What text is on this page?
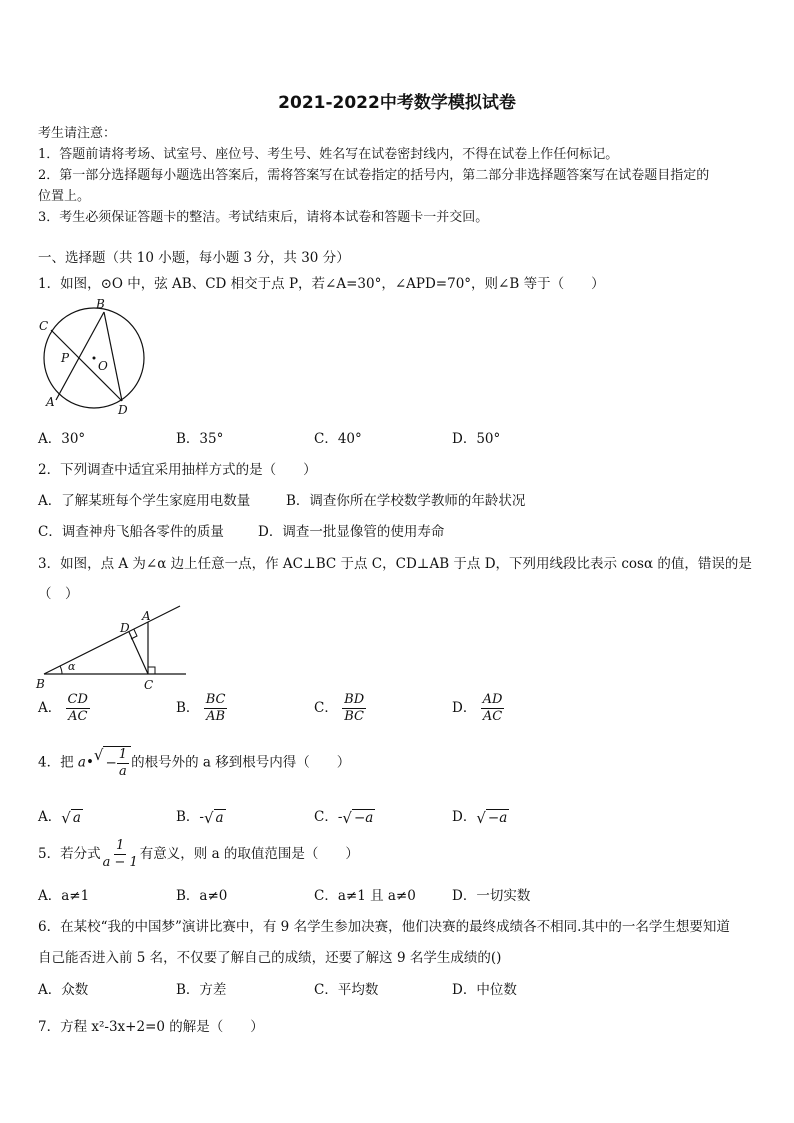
2021-2022中考数学模拟试卷
考生请注意：
1．答题前请将考场、试室号、座位号、考生号、姓名写在试卷密封线内，不得在试卷上作任何标记。
2．第一部分选择题每小题选出答案后，需将答案写在试卷指定的括号内，第二部分非选择题答案写在试卷题目指定的
位置上。
3．考生必须保证答题卡的整洁。考试结束后，请将本试卷和答题卡一并交回。
一、选择题（共 10 小题，每小题 3 分，共 30 分）
1．如图，⊙O 中，弦 AB、CD 相交于点 P，若∠A=30°，∠APD=70°，则∠B 等于（　　）
B
C
P
O
A
D
A．30°	B．35°	C．40°	D．50°
2．下列调查中适宜采用抽样方式的是（　　）
A．了解某班每个学生家庭用电数量	B．调查你所在学校数学教师的年龄状况
C．调查神舟飞船各零件的质量	D．调查一批显像管的使用寿命
3．如图，点 A 为∠α 边上任意一点，作 AC⊥BC 于点 C，CD⊥AB 于点 D，下列用线段比表示 cosα 的值，错误的是
（　）
A
D
α
B	C
A． $\frac{CD}{AC}$	B． $\frac{BC}{AB}$	C． $\frac{BD}{BC}$	D． $\frac{AD}{AC}$
4．把 a• √ − $\frac{1}{a}$ 的根号外的 a 移到根号内得（　　）
A． √ a	B．- √ a	C．- √ −a	D． √ −a
5．若分式 $\frac{1}{a - 1}$ 有意义，则 a 的取值范围是（　　）
A．a≠1	B．a≠0	C．a≠1 且 a≠0	D．一切实数
6．在某校“我的中国梦”演讲比赛中，有 9 名学生参加决赛，他们决赛的最终成绩各不相同.其中的一名学生想要知道
自己能否进入前 5 名，不仅要了解自己的成绩，还要了解这 9 名学生成绩的()
A．众数	B．方差	C．平均数	D．中位数
7．方程 x²-3x+2=0 的解是（　　）
